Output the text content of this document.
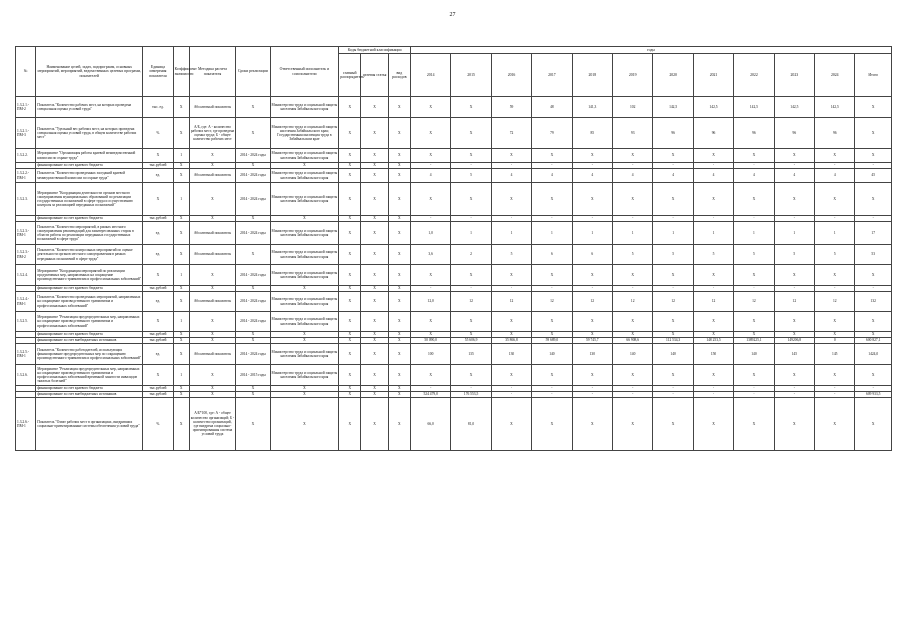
27
№	Наименование целей, задач, подпрограмм, основных мероприятий, мероприятий, ведомственных целевых программ, показателей	Единица измерения показателя	Коэффициент значимости	Методика расчета показателя	Сроки реализации	Ответственный исполнитель и соисполнители	Коды бюджетной классификации			годы											
							главный распорядитель	целевая статья	вид расходов	2014	2015	2016	2017	2018	2019	2020	2021	2022	2023	2024	Итого
1.3.2.1.-ПМ-2	Показатель "Количество рабочих мест, на которых проведена специальная оценка условий труда"	тыс. ед.	X	Абсолютный показатель	X	Министерство труда и социальной защиты населения Забайкальского края	X	X	X	X	X	59	48	141,3	102	142,5	142,5	142,5	142,5	142,5	X
1.3.2.1.-ПМ-3	Показатель "Удельный вес рабочих мест, на которых проведена специальная оценка условий труда, в общем количестве рабочих мест"	%	X	А/Б, где: А - количество рабочих мест, где проведена оценка труда; Б - общее количество рабочих мест	X	Министерство труда и социальной защиты населения Забайкальского края; Государственная инспекция труда в Забайкальском крае	X	X	X	X	X	72	79	85	93	96	96	96	96	96	X
1.3.2.2.	Мероприятие "Организация работы краевой межведомственной комиссии по охране труда"	X	1	X	2014 - 2024 годы	Министерство труда и социальной защиты населения Забайкальского края	X	X	X	X	X	X	X	X	X	X	X	X	X	X	X
	финансирование за счет краевого бюджета	тыс.рублей	X	X	X	X	X	X	X	-	-	-	-	-	-	-	-	-	-	-	-
1.3.2.2.-ПМ-1	Показатель "Количество проведенных заседаний краевой межведомственной комиссии по охране труда"	ед.	X	Абсолютный показатель	2014 - 2024 годы	Министерство труда и социальной защиты населения Забайкальского края	X	X	X	4	5	4	4	4	4	4	4	4	4	4	45
1.3.2.3.	Мероприятие "Координация деятельности органов местного самоуправления муниципальных образований по реализации государственных полномочий в сфере труда и осуществлению контроля за реализацией переданных полномочий"	X	1	X	2014 - 2024 годы	Министерство труда и социальной защиты населения Забайкальского края	X	X	X	X	X	X	X	X	X	X	X	X	X	X	X
	финансирование за счет краевого бюджета	тыс.рублей	X	X	X	X	X	X	X	-	-	-	-	-	-	-	-	-	-	-	-
1.3.2.3.-ПМ-1	Показатель "Количество мероприятий, в рамках местного самоуправления рекомендаций для заинтересованных сторон в области работы по реализации переданных государственных полномочий в сфере труда"	ед.	X	Абсолютный показатель	2014 - 2024 годы	Министерство труда и социальной защиты населения Забайкальского края	X	X	X	1,0	1	1	1	1	1	1	1	1	1	1	17
1.3.2.3.-ПМ-2	Показатель "Количество контрольных мероприятий по оценке деятельности органов местного самоуправления в рамках переданных полномочий в сфере труда"	ед.	X	Абсолютный показатель	X	Министерство труда и социальной защиты населения Забайкальского края	X	X	X	3,6	2	5	6	6	5	5	5	5	5	5	53
1.3.2.4.	Мероприятие "Координация мероприятий по реализации продуктивных мер, направленных на сокращение производственного травматизма и профессиональных заболеваний"	X	1	X	2014 - 2024 годы	Министерство труда и социальной защиты населения Забайкальского края	X	X	X	X	X	X	X	X	X	X	X	X	X	X	X
	финансирование за счет краевого бюджета	тыс.рублей	X	X	X	X	X	X	X	-	-	-	-	-	-	-	-	-	-	-	-
1.3.2.4.-ПМ-1	Показатель "Количество проведенных мероприятий, направленных на сокращение производственного травматизма и профессиональных заболеваний"	ед.	X	Абсолютный показатель	2014 - 2024 годы	Министерство труда и социальной защиты населения Забайкальского края	X	X	X	12,0	12	12	12	12	12	12	12	12	12	12	132
1.3.2.5.	Мероприятие "Реализация предупредительных мер, направленных на сокращение производственного травматизма и профессиональных заболеваний"	X	1	X	2014 - 2024 годы	Министерство труда и социальной защиты населения Забайкальского края	X	X	X	X	X	X	X	X	X	X	X	X	X	X	X
	финансирование за счет краевого бюджета	тыс.рублей	X	X	X	X	X	X	X	X	X	X	X	X	X	X	X	X	X	X	X
	финансирование за счет внебюджетных источников	тыс.рублей	X	X	X	X	X	X	X	50 090,0	55 606,9	35 866,8	59 689,0	59 745,7	66 908,6	112 534,3	148 253,5	1389225,1	149206,8	0	600 827,1
1.3.2.5.-ПМ-1	Показатель "Количество работодателей, использующих финансирование предупредительных мер по сокращению производственного травматизма и профессиональных заболеваний"	ед.	X	Абсолютный показатель	2014 - 2024 годы	Министерство труда и социальной защиты населения Забайкальского края	X	X	X	100	135	130	140	130	140	140	150	140	145	145	1424,0
1.3.2.6.	Мероприятие "Реализация предупредительных мер, направленных на сокращение производственного травматизма и профессиональных заболеваний временной занятости инвалидов тяжелых болезней"	X	1	X	2014 - 2015 годы	Министерство труда и социальной защиты населения Забайкальского края	X	X	X	X	X	X	X	X	X	X	X	X	X	X	X
	финансирование за счет краевого бюджета	тыс.рублей	X	X	X	X	X	X	X	-	-	-	-	-	-	-	-	-	-	-	-
	финансирование за счет внебюджетных источников	тыс.рублей	X	X	X	X	X	X	X	524 479,0	176 553,5	-	-	-	-	-	-	-	-	-	609 933,5
1.3.2.6.-ПМ-1	Показатель "Охват рабочих мест в организациях, внедривших социально-ориентированные системы обеспечения условий труда"	%	X	А/Б*100, где: А - общее количество организаций; Б - количество организаций, где внедрена социально-ориентированная система условий труда	X	X	X	X	X	66,0	81,0	X	X	X	X	X	X	X	X	X	X
